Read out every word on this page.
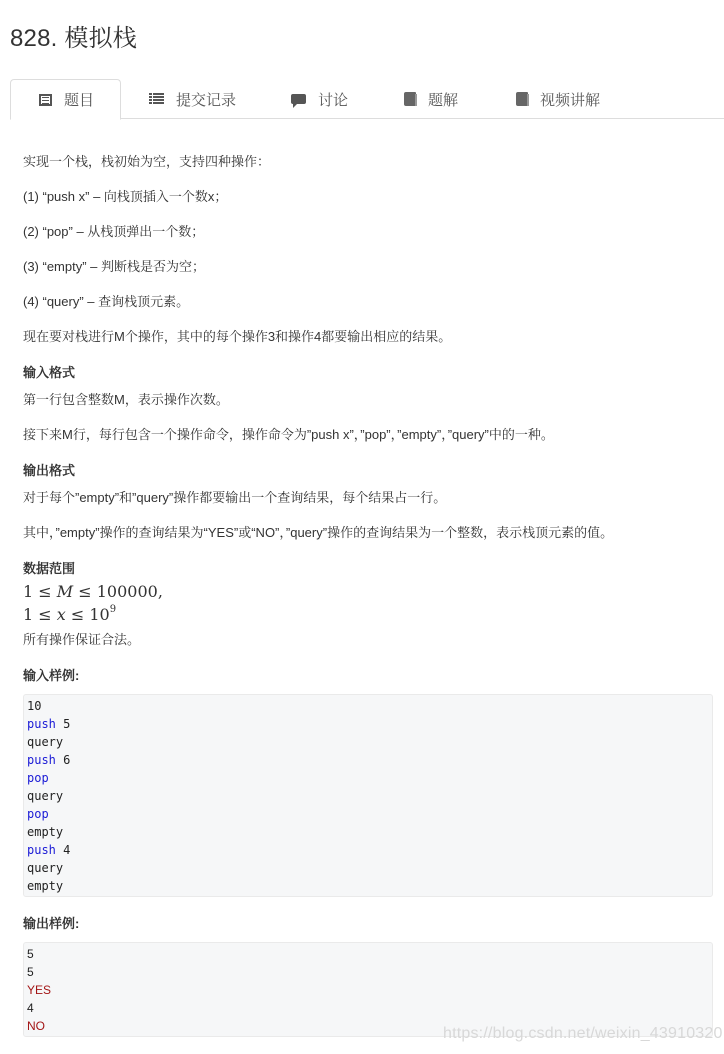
828. 模拟栈
题目	提交记录	讨论	题解	视频讲解
实现一个栈，栈初始为空，支持四种操作：
(1) “push x” – 向栈顶插入一个数x；
(2) “pop” – 从栈顶弹出一个数；
(3) “empty” – 判断栈是否为空；
(4) “query” – 查询栈顶元素。
现在要对栈进行M个操作，其中的每个操作3和操作4都要输出相应的结果。
输入格式
第一行包含整数M，表示操作次数。
接下来M行，每行包含一个操作命令，操作命令为”push x”，”pop”，”empty”，”query”中的一种。
输出格式
对于每个”empty”和”query”操作都要输出一个查询结果，每个结果占一行。
其中，”empty”操作的查询结果为“YES”或“NO”，”query”操作的查询结果为一个整数，表示栈顶元素的值。
数据范围
1 ≤ M ≤ 100000,
$1 \le x \le 10^9$
所有操作保证合法。
输入样例:
10
push 5
query
push 6
pop
query
pop
empty
push 4
query
empty
输出样例:
5
5
YES
4
NO	https://blog.csdn.net/weixin_43910320
